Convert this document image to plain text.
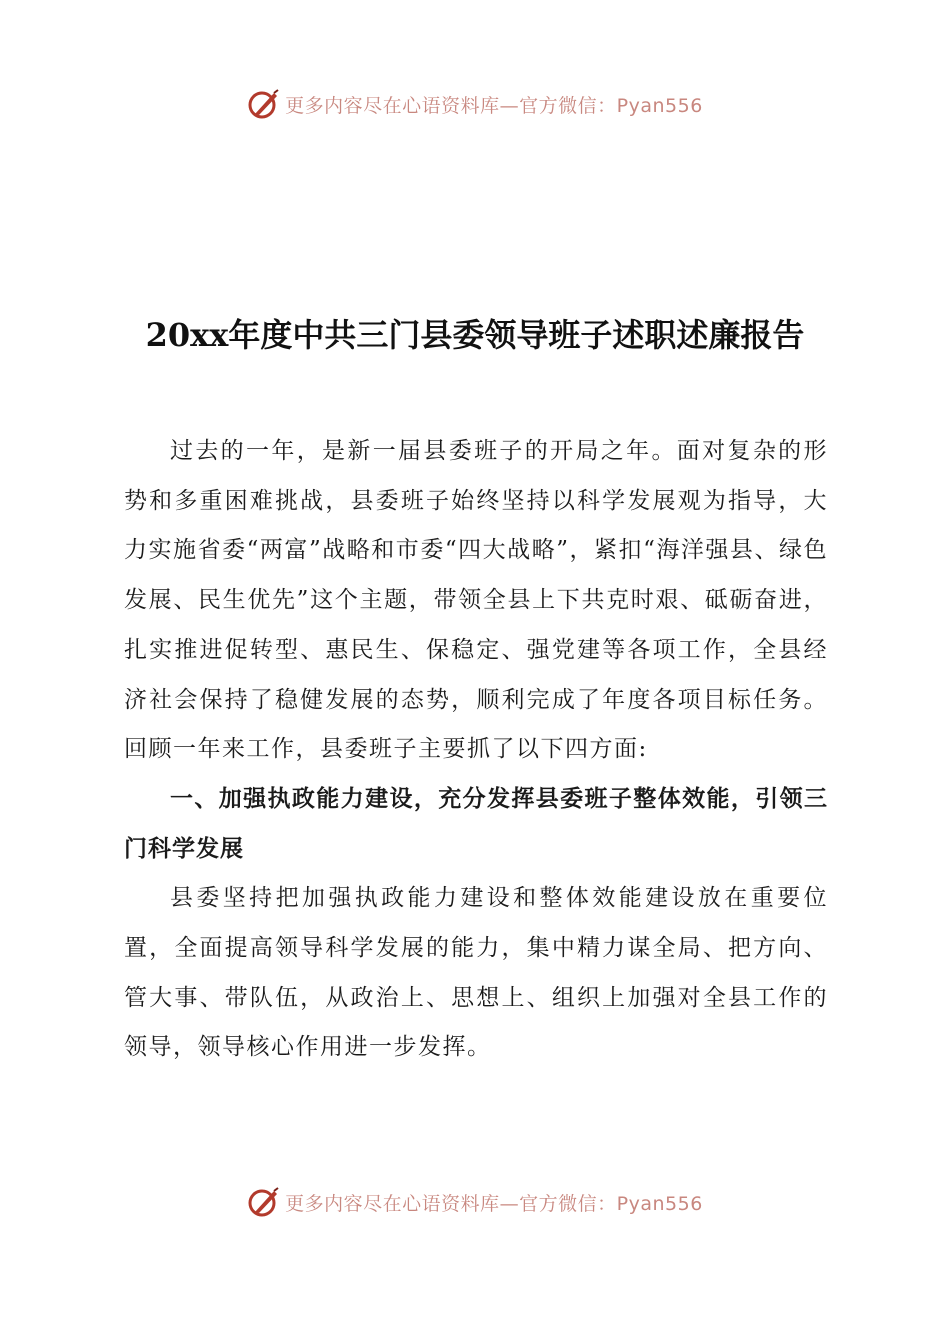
更多内容尽在心语资料库—官方微信：Pyan556
20xx年度中共三门县委领导班子述职述廉报告

过去的一年，是新一届县委班子的开局之年。面对复杂的形势和多重困难挑战，县委班子始终坚持以科学发展观为指导，大力实施省委“两富”战略和市委“四大战略”，紧扣“海洋强县、绿色发展、民生优先”这个主题，带领全县上下共克时艰、砥砺奋进，扎实推进促转型、惠民生、保稳定、强党建等各项工作，全县经济社会保持了稳健发展的态势，顺利完成了年度各项目标任务。回顾一年来工作，县委班子主要抓了以下四方面:

一、加强执政能力建设，充分发挥县委班子整体效能，引领三门科学发展

县委坚持把加强执政能力建设和整体效能建设放在重要位置，全面提高领导科学发展的能力，集中精力谋全局、把方向、管大事、带队伍，从政治上、思想上、组织上加强对全县工作的领导，领导核心作用进一步发挥。

更多内容尽在心语资料库—官方微信：Pyan556
